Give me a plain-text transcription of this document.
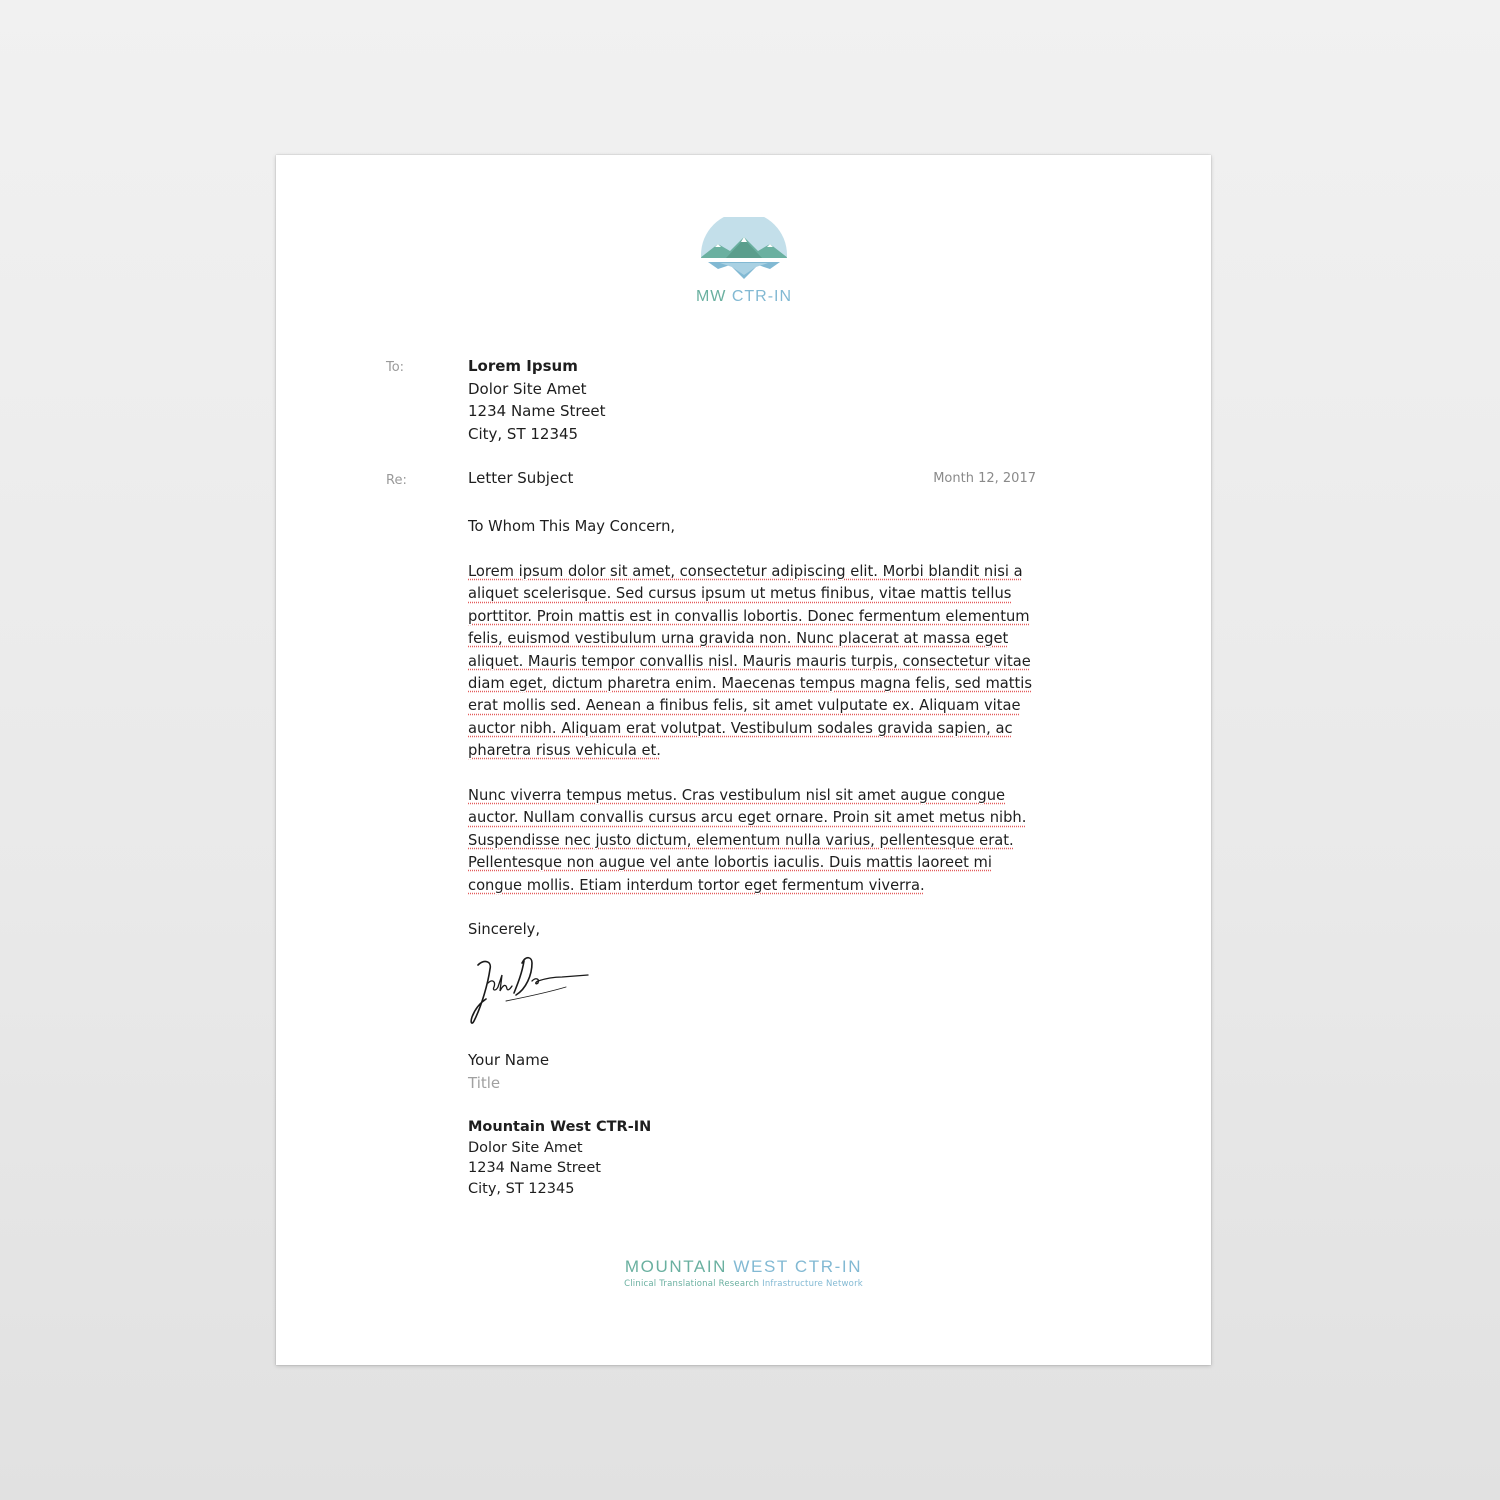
MW CTR-IN
To:	Lorem Ipsum
Dolor Site Amet
1234 Name Street
City, ST 12345
Re:	Letter Subject	Month 12, 2017
To Whom This May Concern,
Lorem ipsum dolor sit amet, consectetur adipiscing elit. Morbi blandit nisi a aliquet scelerisque. Sed cursus ipsum ut metus finibus, vitae mattis tellus porttitor. Proin mattis est in convallis lobortis. Donec fermentum elementum felis, euismod vestibulum urna gravida non. Nunc placerat at massa eget aliquet. Mauris tempor convallis nisl. Mauris mauris turpis, consectetur vitae diam eget, dictum pharetra enim. Maecenas tempus magna felis, sed mattis erat mollis sed. Aenean a finibus felis, sit amet vulputate ex. Aliquam vitae auctor nibh. Aliquam erat volutpat. Vestibulum sodales gravida sapien, ac pharetra risus vehicula et.
Nunc viverra tempus metus. Cras vestibulum nisl sit amet augue congue auctor. Nullam convallis cursus arcu eget ornare. Proin sit amet metus nibh. Suspendisse nec justo dictum, elementum nulla varius, pellentesque erat. Pellentesque non augue vel ante lobortis iaculis. Duis mattis laoreet mi congue mollis. Etiam interdum tortor eget fermentum viverra.
Sincerely,
Your Name
Title
Mountain West CTR-IN
Dolor Site Amet
1234 Name Street
City, ST 12345
MOUNTAIN WEST CTR-IN
Clinical Translational Research Infrastructure Network
